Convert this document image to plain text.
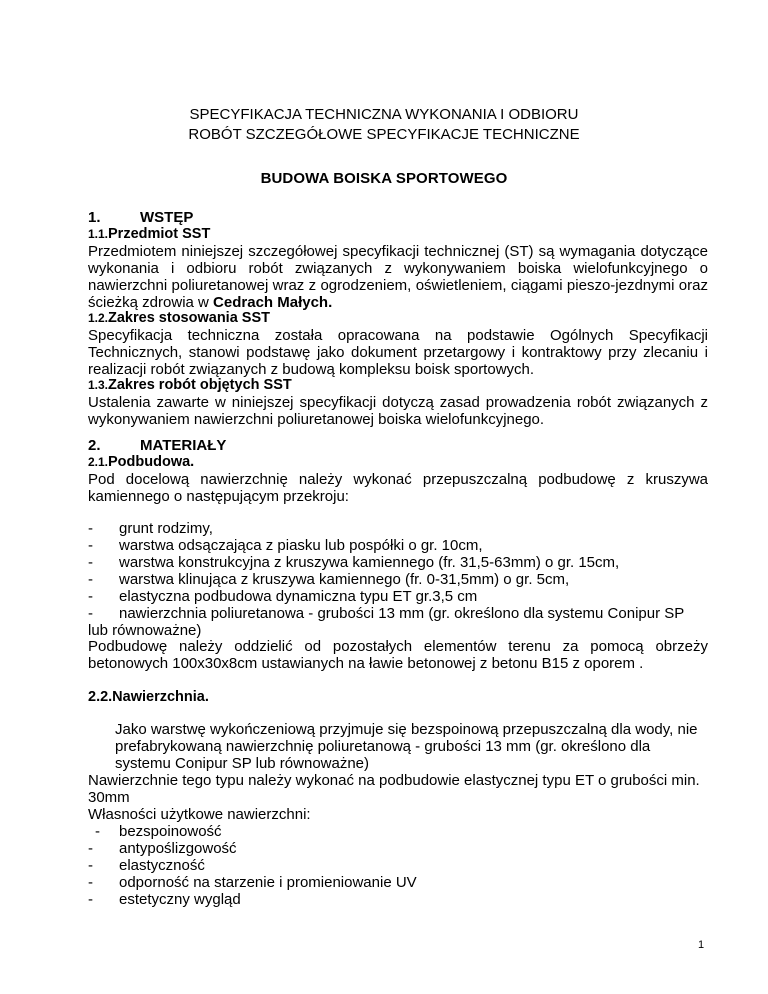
SPECYFIKACJA TECHNICZNA WYKONANIA I ODBIORU
ROBÓT SZCZEGÓŁOWE SPECYFIKACJE TECHNICZNE
BUDOWA BOISKA SPORTOWEGO
1.	WSTĘP
1.1.Przedmiot SST
Przedmiotem niniejszej szczegółowej specyfikacji technicznej (ST) są wymagania dotyczące wykonania i odbioru robót związanych z wykonywaniem boiska wielofunkcyjnego o nawierzchni poliuretanowej wraz z ogrodzeniem, oświetleniem, ciągami pieszo-jezdnymi oraz ścieżką zdrowia w Cedrach Małych.
1.2.Zakres stosowania SST
Specyfikacja techniczna została opracowana na podstawie Ogólnych Specyfikacji Technicznych, stanowi podstawę jako dokument przetargowy i kontraktowy przy zlecaniu i realizacji robót związanych z budową kompleksu boisk sportowych.
1.3.Zakres robót objętych SST
Ustalenia zawarte w niniejszej specyfikacji dotyczą zasad prowadzenia robót związanych z wykonywaniem nawierzchni poliuretanowej boiska wielofunkcyjnego.
2.	MATERIAŁY
2.1.Podbudowa.
Pod docelową nawierzchnię należy wykonać przepuszczalną podbudowę z kruszywa kamiennego o następującym przekroju:
- grunt rodzimy,
- warstwa odsączająca z piasku lub pospółki o gr. 10cm,
- warstwa konstrukcyjna z kruszywa kamiennego (fr. 31,5-63mm) o gr. 15cm,
- warstwa klinująca z kruszywa kamiennego (fr. 0-31,5mm) o gr. 5cm,
- elastyczna podbudowa dynamiczna typu ET gr.3,5 cm
- nawierzchnia poliuretanowa - grubości 13 mm (gr. określono dla systemu Conipur SP lub równoważne)
Podbudowę należy oddzielić od pozostałych elementów terenu za pomocą obrzeży betonowych 100x30x8cm ustawianych na ławie betonowej z betonu B15 z oporem .
2.2.Nawierzchnia.
Jako warstwę wykończeniową przyjmuje się bezspoinową przepuszczalną dla wody, nie prefabrykowaną nawierzchnię poliuretanową - grubości 13 mm (gr. określono dla systemu Conipur SP lub równoważne)
Nawierzchnie tego typu należy wykonać na podbudowie elastycznej typu ET o grubości min. 30mm
Własności użytkowe nawierzchni:
- bezspoinowość
- antypoślizgowość
- elastyczność
- odporność na starzenie i promieniowanie UV
- estetyczny wygląd
1
